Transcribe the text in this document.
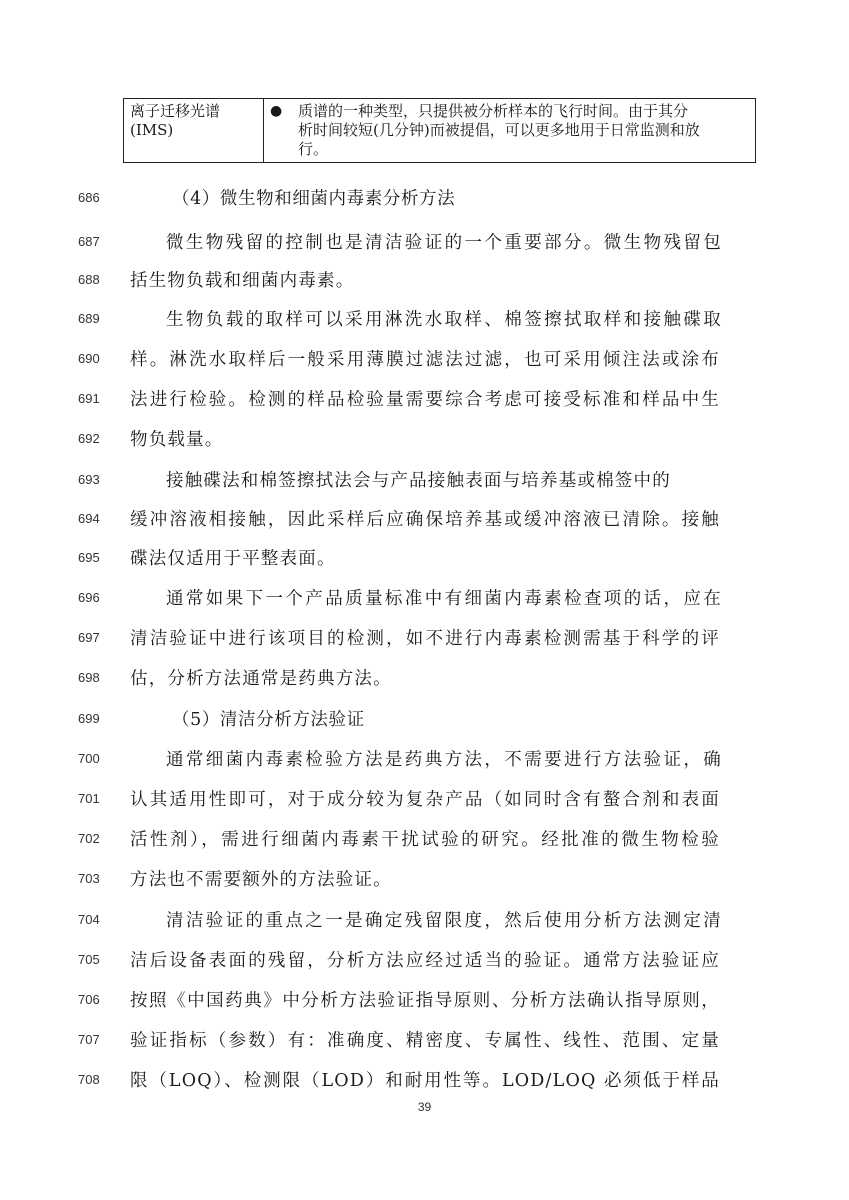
离子迁移光谱
(IMS)

●	质谱的一种类型，只提供被分析样本的飞行时间。由于其分
析时间较短(几分钟)而被提倡，可以更多地用于日常监测和放
行。
686	（4）微生物和细菌内毒素分析方法
687	微生物残留的控制也是清洁验证的一个重要部分。微生物残留包
688 括生物负载和细菌内毒素。
689	生物负载的取样可以采用淋洗水取样、棉签擦拭取样和接触碟取
690 样。淋洗水取样后一般采用薄膜过滤法过滤，也可采用倾注法或涂布
691 法进行检验。检测的样品检验量需要综合考虑可接受标准和样品中生
692 物负载量。
693	接触碟法和棉签擦拭法会与产品接触表面与培养基或棉签中的
694 缓冲溶液相接触，因此采样后应确保培养基或缓冲溶液已清除。接触
695 碟法仅适用于平整表面。
696	通常如果下一个产品质量标准中有细菌内毒素检查项的话，应在
697 清洁验证中进行该项目的检测，如不进行内毒素检测需基于科学的评
698 估，分析方法通常是药典方法。
699	（5）清洁分析方法验证
700	通常细菌内毒素检验方法是药典方法，不需要进行方法验证，确
701 认其适用性即可，对于成分较为复杂产品（如同时含有螯合剂和表面
702 活性剂），需进行细菌内毒素干扰试验的研究。经批准的微生物检验
703 方法也不需要额外的方法验证。
704	清洁验证的重点之一是确定残留限度，然后使用分析方法测定清
705 洁后设备表面的残留，分析方法应经过适当的验证。通常方法验证应
706 按照《中国药典》中分析方法验证指导原则、分析方法确认指导原则，
707 验证指标（参数）有：准确度、精密度、专属性、线性、范围、定量
708 限（LOQ）、检测限（LOD）和耐用性等。LOD/LOQ 必须低于样品
39
